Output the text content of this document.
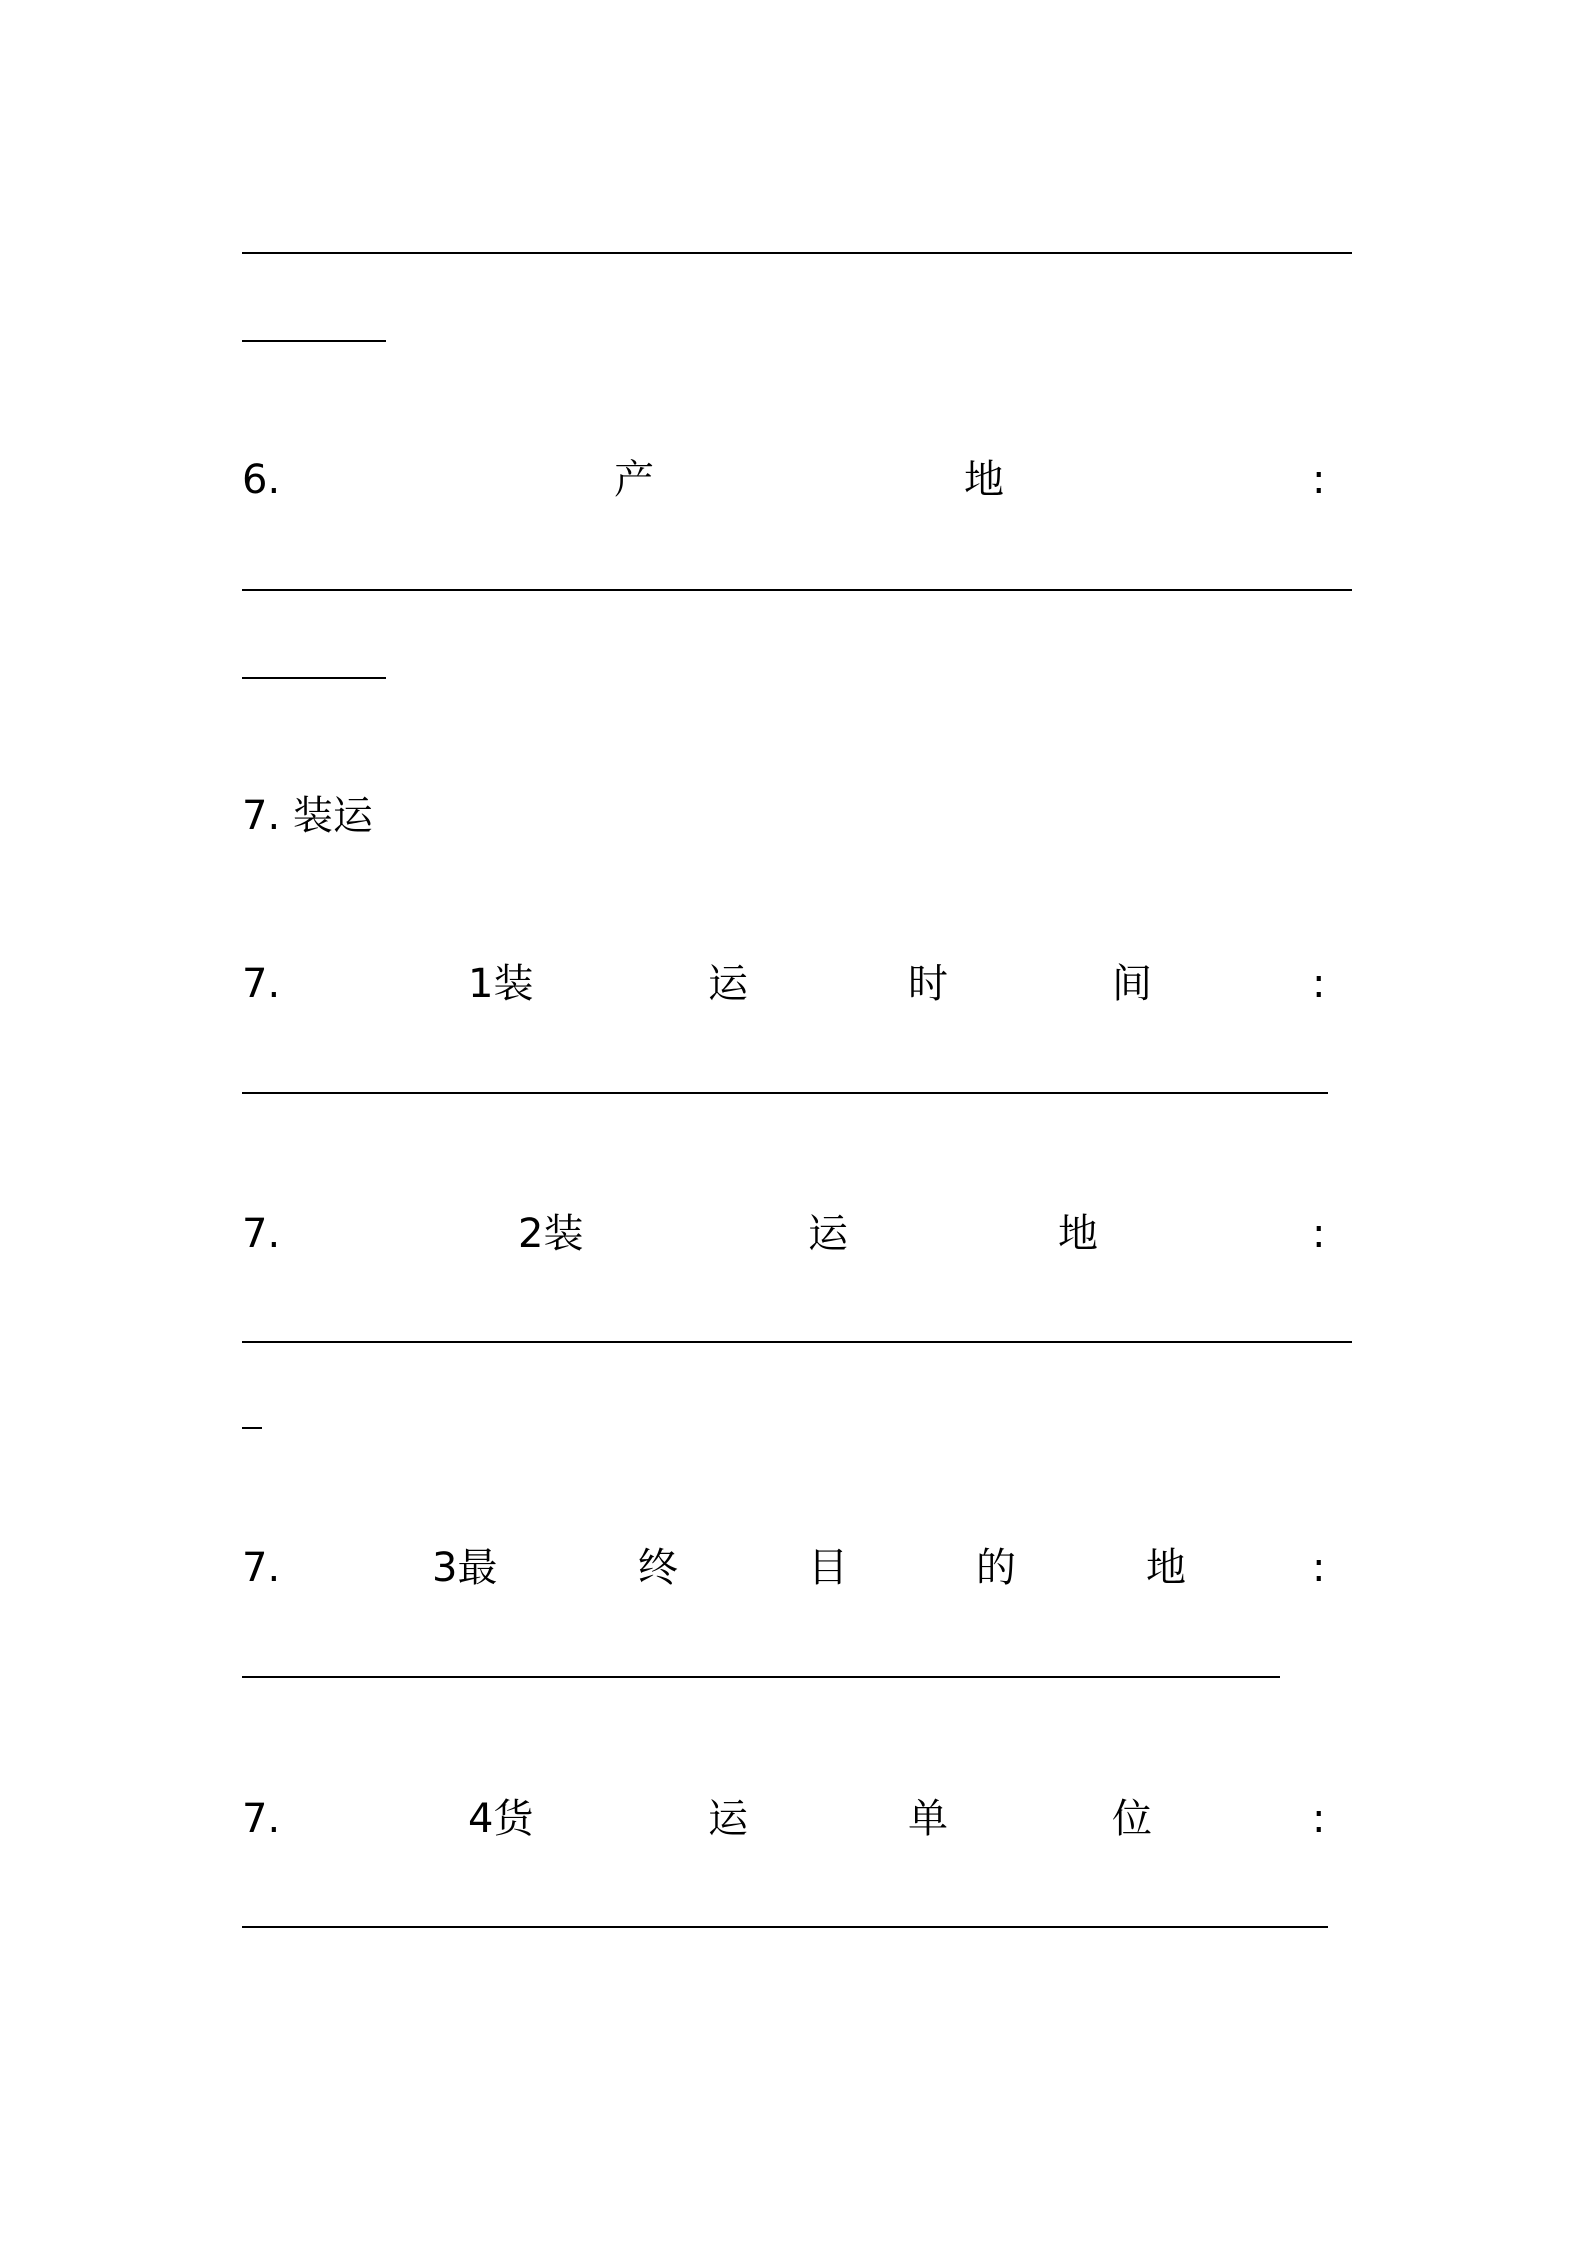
6.	产	地	:
7. 装运
7.	1装	运	时	间	:
7.	2装	运	地	:
7.	3最	终	目	的	地	:
7.	4货	运	单	位	:
